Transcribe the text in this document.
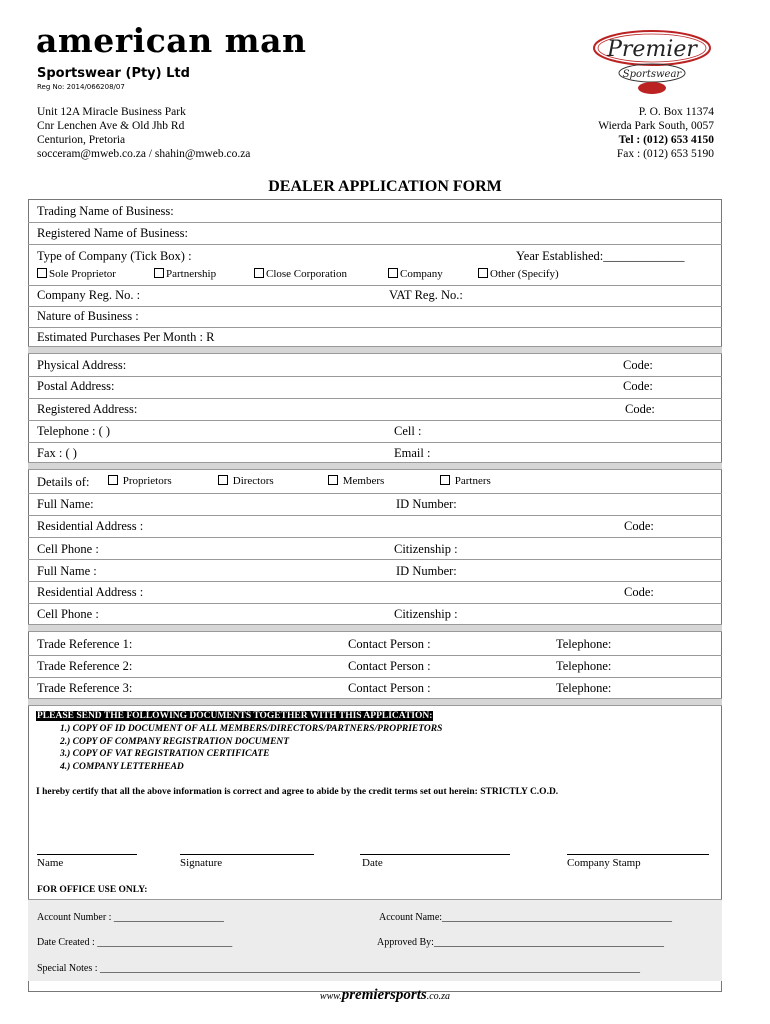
american man
Sportswear (Pty) Ltd
Reg No: 2014/066208/07
Premier
Sportswear
Unit 12A Miracle Business Park
Cnr Lenchen Ave & Old Jhb Rd
Centurion, Pretoria
socceram@mweb.co.za / shahin@mweb.co.za
P. O. Box 11374
Wierda Park South, 0057
Tel : (012) 653 4150
Fax : (012) 653 5190
DEALER APPLICATION FORM
Trading Name of Business:
Registered Name of Business:
Type of Company (Tick Box) :	Year Established:_____________
Sole Proprietor	Partnership	Close Corporation	Company	Other (Specify)
Company Reg. No. :	VAT Reg. No.:
Nature of Business :
Estimated Purchases Per Month : R
Physical Address:	Code:
Postal Address:	Code:
Registered Address:	Code:
Telephone : ( )	Cell :
Fax : ( )	Email :
Details of:	Proprietors	Directors	Members	Partners
Full Name:	ID Number:
Residential Address :	Code:
Cell Phone :	Citizenship :
Full Name :	ID Number:
Residential Address :	Code:
Cell Phone :	Citizenship :
Trade Reference 1:	Contact Person :	Telephone:
Trade Reference 2:	Contact Person :	Telephone:
Trade Reference 3:	Contact Person :	Telephone:
PLEASE SEND THE FOLLOWING DOCUMENTS TOGETHER WITH THIS APPLICATION:
1.) COPY OF ID DOCUMENT OF ALL MEMBERS/DIRECTORS/PARTNERS/PROPRIETORS
2.) COPY OF COMPANY REGISTRATION DOCUMENT
3.) COPY OF VAT REGISTRATION CERTIFICATE
4.) COMPANY LETTERHEAD
I hereby certify that all the above information is correct and agree to abide by the credit terms set out herein: STRICTLY C.O.D.
Name	Signature	Date	Company Stamp
FOR OFFICE USE ONLY:
Account Number : ______________________	Account Name:______________________________________________
Date Created : ___________________________	Approved By:______________________________________________
Special Notes : ____________________________________________________________________________________________________________
www.premiersports.co.za
